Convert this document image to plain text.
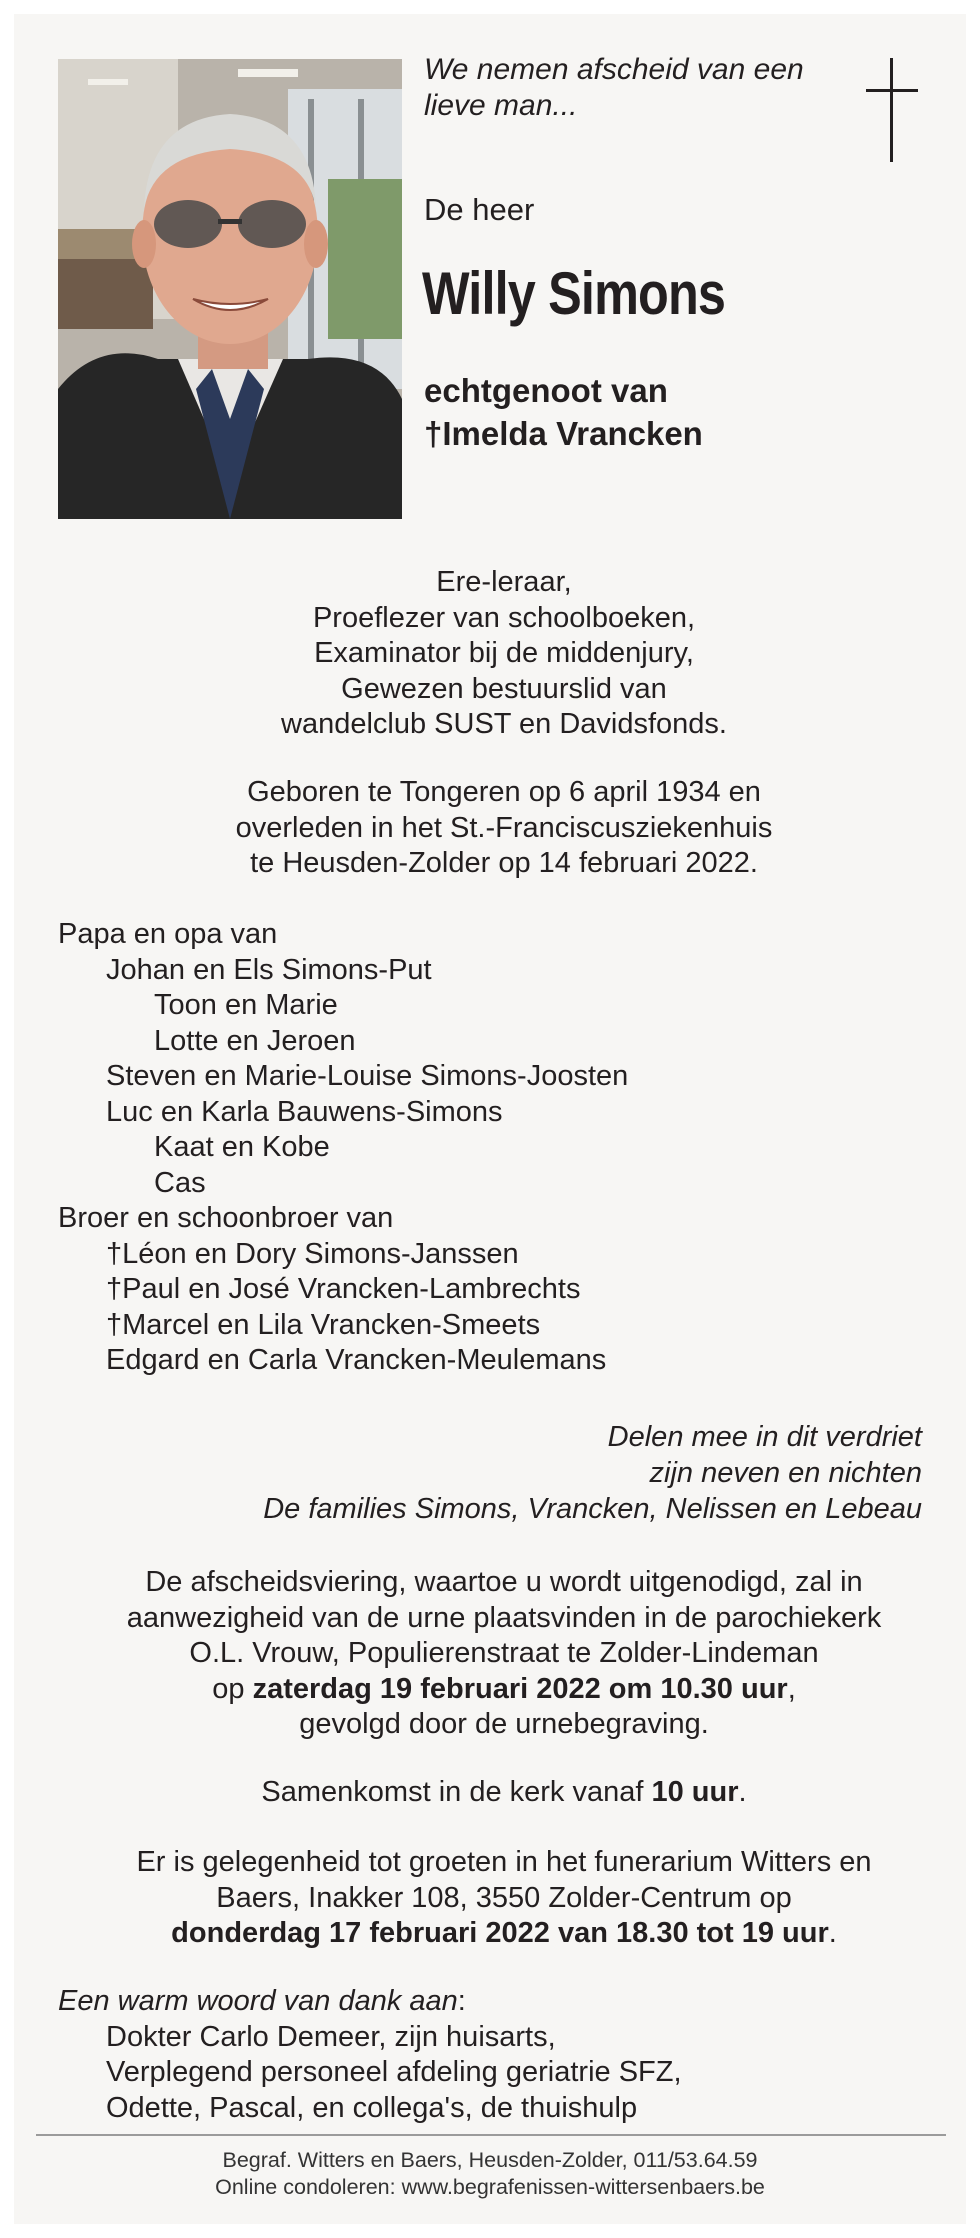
We nemen afscheid van een
lieve man...
De heer
Willy Simons
echtgenoot van
†Imelda Vrancken
Ere-leraar,
Proeflezer van schoolboeken,
Examinator bij de middenjury,
Gewezen bestuurslid van
wandelclub SUST en Davidsfonds.
Geboren te Tongeren op 6 april 1934 en
overleden in het St.-Franciscusziekenhuis
te Heusden-Zolder op 14 februari 2022.
Papa en opa van
Johan en Els Simons-Put
Toon en Marie
Lotte en Jeroen
Steven en Marie-Louise Simons-Joosten
Luc en Karla Bauwens-Simons
Kaat en Kobe
Cas
Broer en schoonbroer van
†Léon en Dory Simons-Janssen
†Paul en José Vrancken-Lambrechts
†Marcel en Lila Vrancken-Smeets
Edgard en Carla Vrancken-Meulemans
Delen mee in dit verdriet
zijn neven en nichten
De families Simons, Vrancken, Nelissen en Lebeau
De afscheidsviering, waartoe u wordt uitgenodigd, zal in
aanwezigheid van de urne plaatsvinden in de parochiekerk
O.L. Vrouw, Populierenstraat te Zolder-Lindeman
op zaterdag 19 februari 2022 om 10.30 uur,
gevolgd door de urnebegraving.
Samenkomst in de kerk vanaf 10 uur.
Er is gelegenheid tot groeten in het funerarium Witters en
Baers, Inakker 108, 3550 Zolder-Centrum op
donderdag 17 februari 2022 van 18.30 tot 19 uur.
Een warm woord van dank aan:
Dokter Carlo Demeer, zijn huisarts,
Verplegend personeel afdeling geriatrie SFZ,
Odette, Pascal, en collega's, de thuishulp
Begraf. Witters en Baers, Heusden-Zolder, 011/53.64.59
Online condoleren: www.begrafenissen-wittersenbaers.be
